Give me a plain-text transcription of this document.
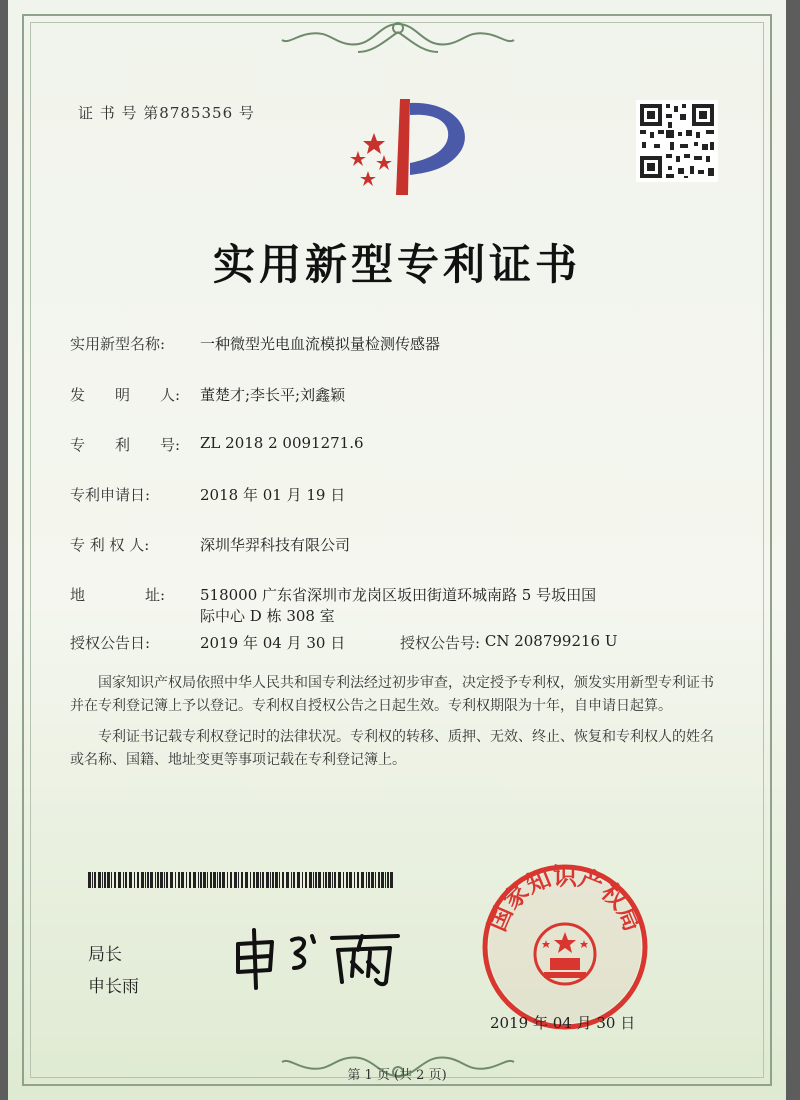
证 书 号 第8785356 号
实用新型专利证书
实用新型名称: 一种微型光电血流模拟量检测传感器
发　　明　　人: 董楚才;李长平;刘鑫颖
专　　利　　号: ZL 2018 2 0091271.6
专利申请日:	2018 年 01 月 19 日
专 利 权 人:	深圳华羿科技有限公司
地　　　　址: 518000 广东省深圳市龙岗区坂田街道环城南路 5 号坂田国
际中心 D 栋 308 室
授权公告日:	2019 年 04 月 30 日	授权公告号: CN 208799216 U

国家知识产权局依照中华人民共和国专利法经过初步审查，决定授予专利权，颁发实用新型专利证书并在专利登记簿上予以登记。专利权自授权公告之日起生效。专利权期限为十年，自申请日起算。

专利证书记载专利权登记时的法律状况。专利权的转移、质押、无效、终止、恢复和专利权人的姓名或名称、国籍、地址变更等事项记载在专利登记簿上。

局长
申长雨
国家知识产权局
2019 年 04 月 30 日
第 1 页 (共 2 页)
